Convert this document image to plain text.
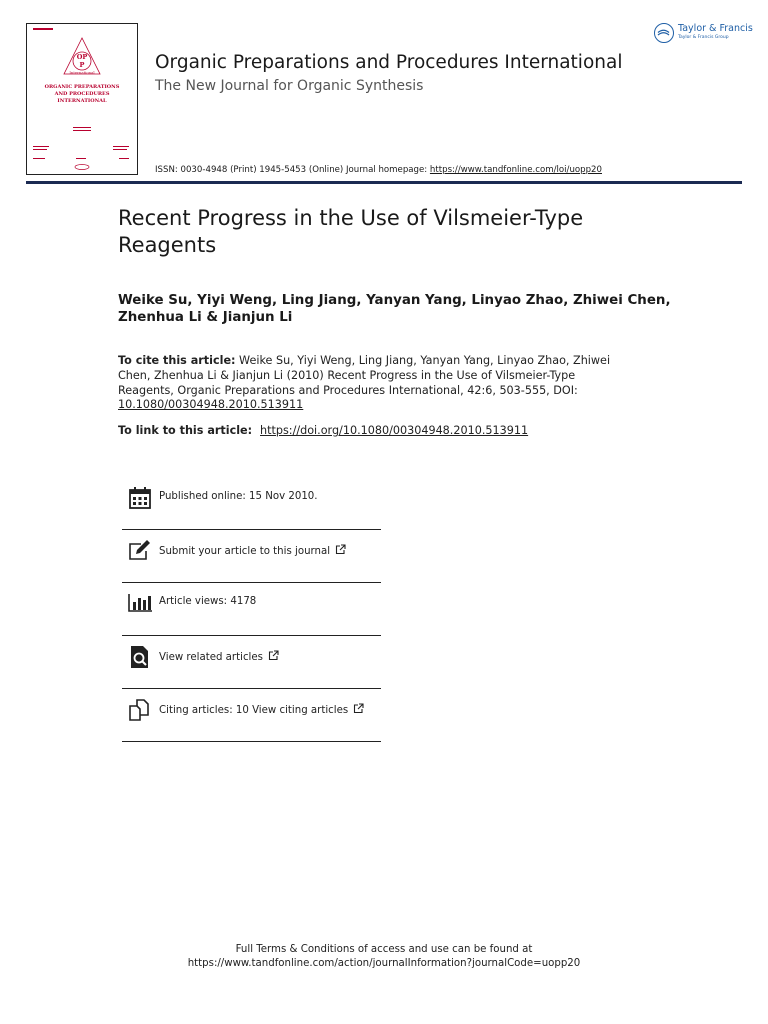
OP
P
International
ORGANIC PREPARATIONS
AND PROCEDURES
INTERNATIONAL
Organic Preparations and Procedures International
The New Journal for Organic Synthesis
ISSN: 0030-4948 (Print) 1945-5453 (Online) Journal homepage: https://www.tandfonline.com/loi/uopp20
Taylor & Francis
Taylor & Francis Group
Recent Progress in the Use of Vilsmeier-Type Reagents
Weike Su, Yiyi Weng, Ling Jiang, Yanyan Yang, Linyao Zhao, Zhiwei Chen, Zhenhua Li & Jianjun Li
To cite this article: Weike Su, Yiyi Weng, Ling Jiang, Yanyan Yang, Linyao Zhao, Zhiwei Chen, Zhenhua Li & Jianjun Li (2010) Recent Progress in the Use of Vilsmeier-Type Reagents, Organic Preparations and Procedures International, 42:6, 503-555, DOI: 10.1080/00304948.2010.513911
To link to this article: https://doi.org/10.1080/00304948.2010.513911
Published online: 15 Nov 2010.
Submit your article to this journal
Article views: 4178
View related articles
Citing articles: 10 View citing articles
Full Terms & Conditions of access and use can be found at
https://www.tandfonline.com/action/journalInformation?journalCode=uopp20
